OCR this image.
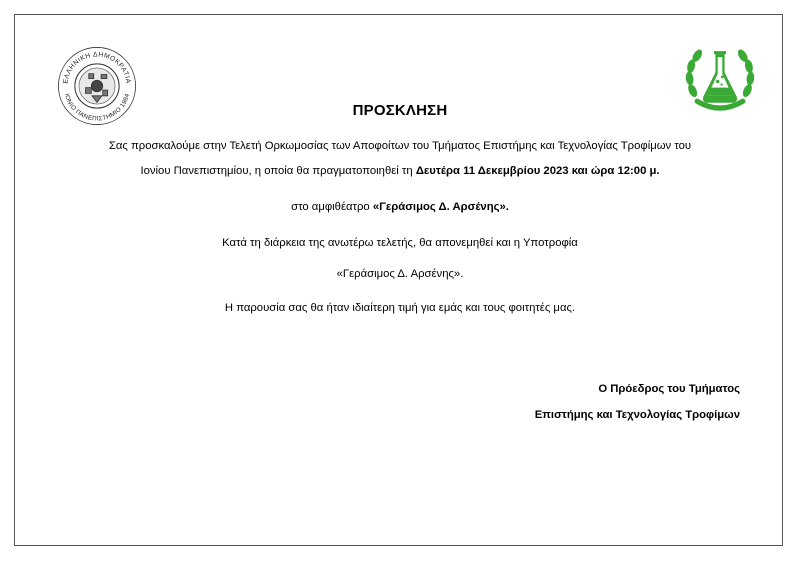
ΕΛΛΗΝΙΚΗ ΔΗΜΟΚΡΑΤΙΑ
ΙΟΝΙΟ ΠΑΝΕΠΙΣΤΗΜΙΟ 1984
ΠΡΟΣΚΛΗΣΗ
Σας προσκαλούμε στην Τελετή Ορκωμοσίας των Αποφοίτων του Τμήματος Επιστήμης και Τεχνολογίας Τροφίμων του
Ιονίου Πανεπιστημίου, η οποία θα πραγματοποιηθεί τη Δευτέρα 11 Δεκεμβρίου 2023 και ώρα 12:00 μ.
στο αμφιθέατρο «Γεράσιμος Δ. Αρσένης».
Κατά τη διάρκεια της ανωτέρω τελετής, θα απονεμηθεί και η Υποτροφία
«Γεράσιμος Δ. Αρσένης».
Η παρουσία σας θα ήταν ιδιαίτερη τιμή για εμάς και τους φοιτητές μας.
Ο Πρόεδρος του Τμήματος
Επιστήμης και Τεχνολογίας Τροφίμων
